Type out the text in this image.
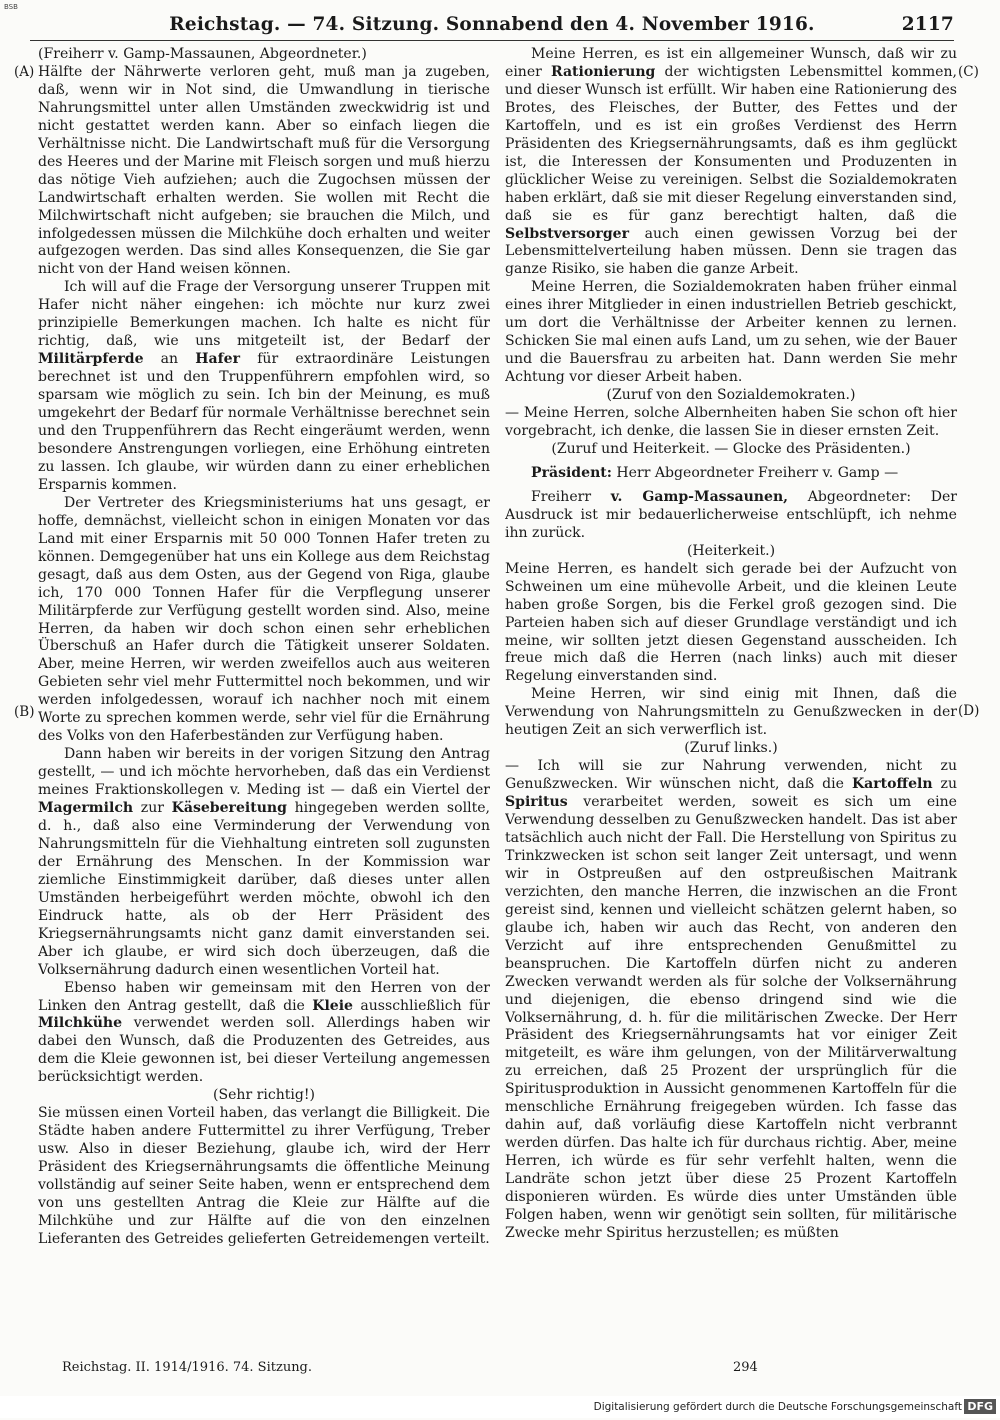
BSB
Reichstag. — 74. Sitzung. Sonnabend den 4. November 1916.	2117
(A)
(B)
(C)
(D)

(Freiherr v. Gamp-Massaunen, Abgeordneter.)

Hälfte der Nährwerte verloren geht, muß man ja zugeben, daß, wenn wir in Not sind, die Umwandlung in tierische Nahrungsmittel unter allen Umständen zweckwidrig ist und nicht gestattet werden kann. Aber so einfach liegen die Verhältnisse nicht. Die Landwirtschaft muß für die Versorgung des Heeres und der Marine mit Fleisch sorgen und muß hierzu das nötige Vieh aufziehen; auch die Zugochsen müssen der Landwirtschaft erhalten werden. Sie wollen mit Recht die Milchwirtschaft nicht aufgeben; sie brauchen die Milch, und infolgedessen müssen die Milchkühe doch erhalten und weiter aufgezogen werden. Das sind alles Konsequenzen, die Sie gar nicht von der Hand weisen können.

Ich will auf die Frage der Versorgung unserer Truppen mit Hafer nicht näher eingehen: ich möchte nur kurz zwei prinzipielle Bemerkungen machen. Ich halte es nicht für richtig, daß, wie uns mitgeteilt ist, der Bedarf der Militärpferde an Hafer für extraordinäre Leistungen berechnet ist und den Truppenführern empfohlen wird, so sparsam wie möglich zu sein. Ich bin der Meinung, es muß umgekehrt der Bedarf für normale Verhältnisse berechnet sein und den Truppenführern das Recht eingeräumt werden, wenn besondere Anstrengungen vorliegen, eine Erhöhung eintreten zu lassen. Ich glaube, wir würden dann zu einer erheblichen Ersparnis kommen.

Der Vertreter des Kriegsministeriums hat uns gesagt, er hoffe, demnächst, vielleicht schon in einigen Monaten vor das Land mit einer Ersparnis mit 50 000 Tonnen Hafer treten zu können. Demgegenüber hat uns ein Kollege aus dem Reichstag gesagt, daß aus dem Osten, aus der Gegend von Riga, glaube ich, 170 000 Tonnen Hafer für die Verpflegung unserer Militärpferde zur Verfügung gestellt worden sind. Also, meine Herren, da haben wir doch schon einen sehr erheblichen Überschuß an Hafer durch die Tätigkeit unserer Soldaten. Aber, meine Herren, wir werden zweifellos auch aus weiteren Gebieten sehr viel mehr Futtermittel noch bekommen, und wir werden infolgedessen, worauf ich nachher noch mit einem Worte zu sprechen kommen werde, sehr viel für die Ernährung des Volks von den Haferbeständen zur Verfügung haben.

Dann haben wir bereits in der vorigen Sitzung den Antrag gestellt, — und ich möchte hervorheben, daß das ein Verdienst meines Fraktionskollegen v. Meding ist — daß ein Viertel der Magermilch zur Käsebereitung hingegeben werden sollte, d. h., daß also eine Verminderung der Verwendung von Nahrungsmitteln für die Viehhaltung eintreten soll zugunsten der Ernährung des Menschen. In der Kommission war ziemliche Einstimmigkeit darüber, daß dieses unter allen Umständen herbeigeführt werden möchte, obwohl ich den Eindruck hatte, als ob der Herr Präsident des Kriegsernährungsamts nicht ganz damit einverstanden sei. Aber ich glaube, er wird sich doch überzeugen, daß die Volksernährung dadurch einen wesentlichen Vorteil hat.

Ebenso haben wir gemeinsam mit den Herren von der Linken den Antrag gestellt, daß die Kleie ausschließlich für Milchkühe verwendet werden soll. Allerdings haben wir dabei den Wunsch, daß die Produzenten des Getreides, aus dem die Kleie gewonnen ist, bei dieser Verteilung angemessen berücksichtigt werden.

(Sehr richtig!)

Sie müssen einen Vorteil haben, das verlangt die Billigkeit. Die Städte haben andere Futtermittel zu ihrer Verfügung, Treber usw. Also in dieser Beziehung, glaube ich, wird der Herr Präsident des Kriegsernährungsamts die öffentliche Meinung vollständig auf seiner Seite haben, wenn er entsprechend dem von uns gestellten Antrag die Kleie zur Hälfte auf die Milchkühe und zur Hälfte auf die von den einzelnen Lieferanten des Getreides gelieferten Getreidemengen verteilt.

Meine Herren, es ist ein allgemeiner Wunsch, daß wir zu einer Rationierung der wichtigsten Lebensmittel kommen, und dieser Wunsch ist erfüllt. Wir haben eine Rationierung des Brotes, des Fleisches, der Butter, des Fettes und der Kartoffeln, und es ist ein großes Verdienst des Herrn Präsidenten des Kriegsernährungsamts, daß es ihm geglückt ist, die Interessen der Konsumenten und Produzenten in glücklicher Weise zu vereinigen. Selbst die Sozialdemokraten haben erklärt, daß sie mit dieser Regelung einverstanden sind, daß sie es für ganz berechtigt halten, daß die Selbstversorger auch einen gewissen Vorzug bei der Lebensmittelverteilung haben müssen. Denn sie tragen das ganze Risiko, sie haben die ganze Arbeit.

Meine Herren, die Sozialdemokraten haben früher einmal eines ihrer Mitglieder in einen industriellen Betrieb geschickt, um dort die Verhältnisse der Arbeiter kennen zu lernen. Schicken Sie mal einen aufs Land, um zu sehen, wie der Bauer und die Bauersfrau zu arbeiten hat. Dann werden Sie mehr Achtung vor dieser Arbeit haben.

(Zuruf von den Sozialdemokraten.)

— Meine Herren, solche Albernheiten haben Sie schon oft hier vorgebracht, ich denke, die lassen Sie in dieser ernsten Zeit.

(Zuruf und Heiterkeit. — Glocke des Präsidenten.)

Präsident: Herr Abgeordneter Freiherr v. Gamp —

Freiherr v. Gamp-Massaunen, Abgeordneter: Der Ausdruck ist mir bedauerlicherweise entschlüpft, ich nehme ihn zurück.

(Heiterkeit.)

Meine Herren, es handelt sich gerade bei der Aufzucht von Schweinen um eine mühevolle Arbeit, und die kleinen Leute haben große Sorgen, bis die Ferkel groß gezogen sind. Die Parteien haben sich auf dieser Grundlage verständigt und ich meine, wir sollten jetzt diesen Gegenstand ausscheiden. Ich freue mich daß die Herren (nach links) auch mit dieser Regelung einverstanden sind.

Meine Herren, wir sind einig mit Ihnen, daß die Verwendung von Nahrungsmitteln zu Genußzwecken in der heutigen Zeit an sich verwerflich ist.

(Zuruf links.)

— Ich will sie zur Nahrung verwenden, nicht zu Genußzwecken. Wir wünschen nicht, daß die Kartoffeln zu Spiritus verarbeitet werden, soweit es sich um eine Verwendung desselben zu Genußzwecken handelt. Das ist aber tatsächlich auch nicht der Fall. Die Herstellung von Spiritus zu Trinkzwecken ist schon seit langer Zeit untersagt, und wenn wir in Ostpreußen auf den ostpreußischen Maitrank verzichten, den manche Herren, die inzwischen an die Front gereist sind, kennen und vielleicht schätzen gelernt haben, so glaube ich, haben wir auch das Recht, von anderen den Verzicht auf ihre entsprechenden Genußmittel zu beanspruchen. Die Kartoffeln dürfen nicht zu anderen Zwecken verwandt werden als für solche der Volksernährung und diejenigen, die ebenso dringend sind wie die Volksernährung, d. h. für die militärischen Zwecke. Der Herr Präsident des Kriegsernährungsamts hat vor einiger Zeit mitgeteilt, es wäre ihm gelungen, von der Militärverwaltung zu erreichen, daß 25 Prozent der ursprünglich für die Spiritusproduktion in Aussicht genommenen Kartoffeln für die menschliche Ernährung freigegeben würden. Ich fasse das dahin auf, daß vorläufig diese Kartoffeln nicht verbrannt werden dürfen. Das halte ich für durchaus richtig. Aber, meine Herren, ich würde es für sehr verfehlt halten, wenn die Landräte schon jetzt über diese 25 Prozent Kartoffeln disponieren würden. Es würde dies unter Umständen üble Folgen haben, wenn wir genötigt sein sollten, für militärische Zwecke mehr Spiritus herzustellen; es müßten

Reichstag. II. 1914/1916. 74. Sitzung.	294
Digitalisierung gefördert durch die Deutsche Forschungsgemeinschaft DFG
